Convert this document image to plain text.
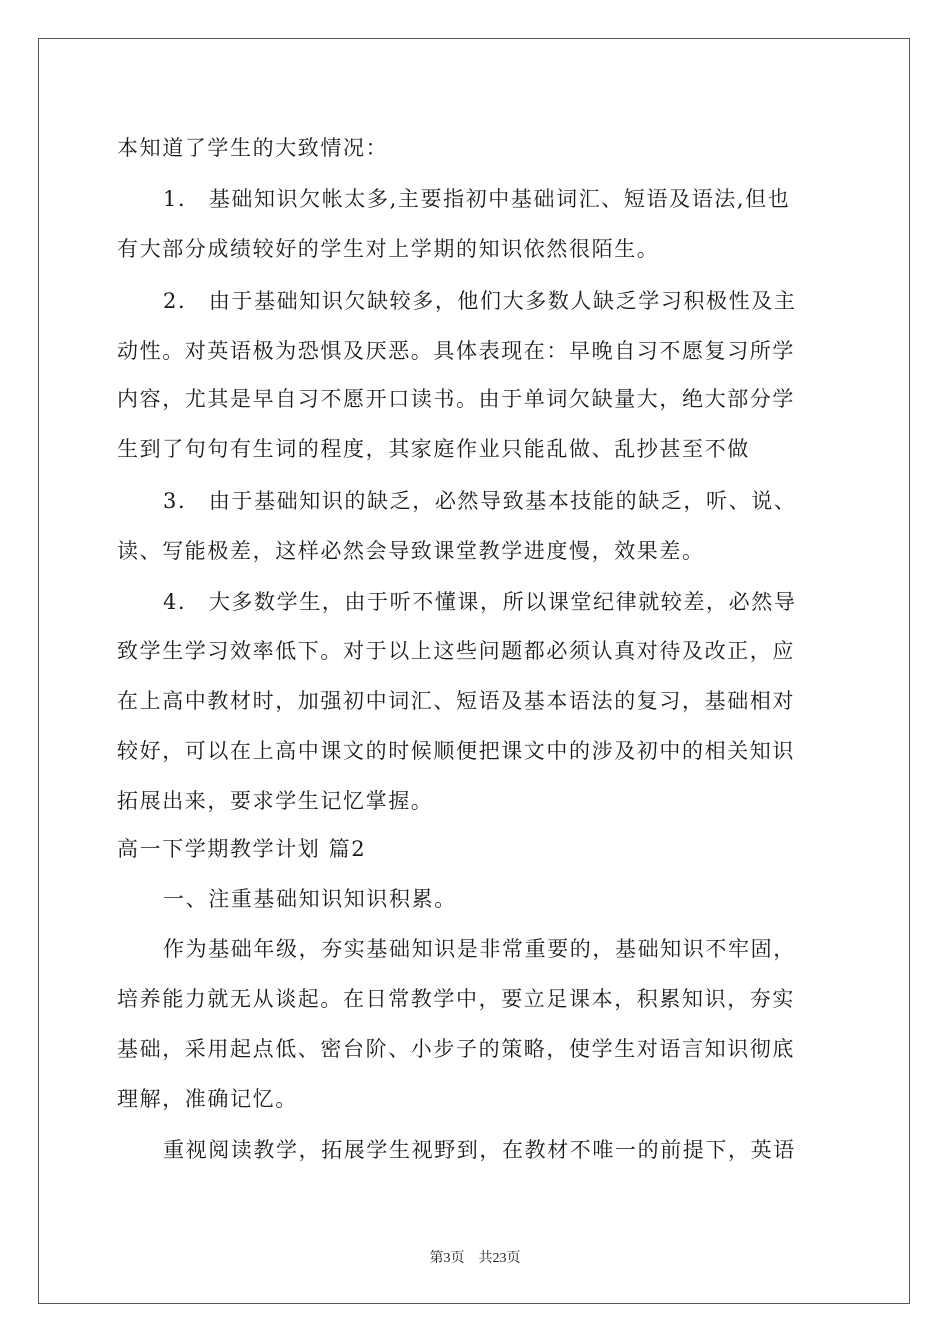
本知道了学生的大致情况：
1． 基础知识欠帐太多,主要指初中基础词汇、短语及语法,但也
有大部分成绩较好的学生对上学期的知识依然很陌生。
2． 由于基础知识欠缺较多，他们大多数人缺乏学习积极性及主
动性。对英语极为恐惧及厌恶。具体表现在：早晚自习不愿复习所学
内容，尤其是早自习不愿开口读书。由于单词欠缺量大，绝大部分学
生到了句句有生词的程度，其家庭作业只能乱做、乱抄甚至不做
3． 由于基础知识的缺乏，必然导致基本技能的缺乏，听、说、
读、写能极差，这样必然会导致课堂教学进度慢，效果差。
4． 大多数学生，由于听不懂课，所以课堂纪律就较差，必然导
致学生学习效率低下。对于以上这些问题都必须认真对待及改正，应
在上高中教材时，加强初中词汇、短语及基本语法的复习，基础相对
较好，可以在上高中课文的时候顺便把课文中的涉及初中的相关知识
拓展出来，要求学生记忆掌握。
高一下学期教学计划 篇2
一、注重基础知识知识积累。
作为基础年级，夯实基础知识是非常重要的，基础知识不牢固，
培养能力就无从谈起。在日常教学中，要立足课本，积累知识，夯实
基础，采用起点低、密台阶、小步子的策略，使学生对语言知识彻底
理解，准确记忆。
重视阅读教学，拓展学生视野到，在教材不唯一的前提下，英语
第3页 共23页
